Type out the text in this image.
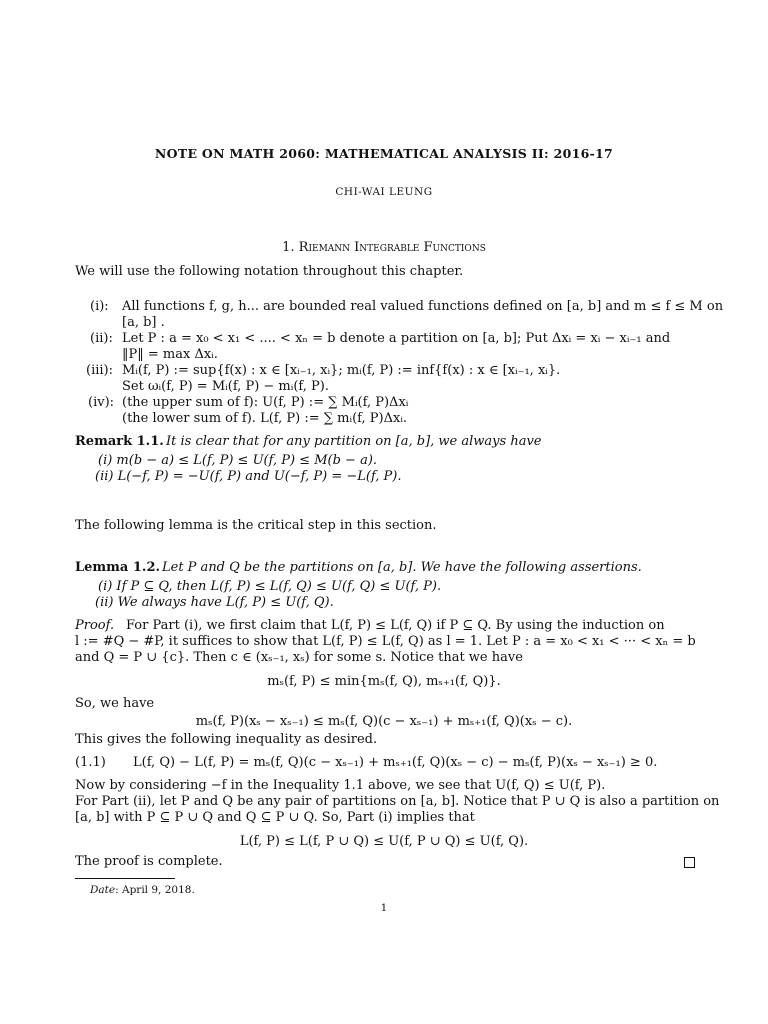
NOTE ON MATH 2060: MATHEMATICAL ANALYSIS II: 2016-17
CHI-WAI LEUNG
1. Riemann Integrable Functions
We will use the following notation throughout this chapter.
(i): All functions f, g, h... are bounded real valued functions defined on [a, b] and m ≤ f ≤ M on
[a, b] .
(ii): Let P : a = x₀ < x₁ < .... < xₙ = b denote a partition on [a, b]; Put Δxᵢ = xᵢ − xᵢ₋₁ and
‖P‖ = max Δxᵢ.
(iii): Mᵢ(f, P) := sup{f(x) : x ∈ [xᵢ₋₁, xᵢ}; mᵢ(f, P) := inf{f(x) : x ∈ [xᵢ₋₁, xᵢ}.
Set ωᵢ(f, P) = Mᵢ(f, P) − mᵢ(f, P).
(iv): (the upper sum of f): U(f, P) := ∑ Mᵢ(f, P)Δxᵢ
(the lower sum of f). L(f, P) := ∑ mᵢ(f, P)Δxᵢ.
Remark 1.1. It is clear that for any partition on [a, b], we always have
(i) m(b − a) ≤ L(f, P) ≤ U(f, P) ≤ M(b − a).
(ii) L(−f, P) = −U(f, P) and U(−f, P) = −L(f, P).
The following lemma is the critical step in this section.
Lemma 1.2. Let P and Q be the partitions on [a, b]. We have the following assertions.
(i) If P ⊆ Q, then L(f, P) ≤ L(f, Q) ≤ U(f, Q) ≤ U(f, P).
(ii) We always have L(f, P) ≤ U(f, Q).
Proof. For Part (i), we first claim that L(f, P) ≤ L(f, Q) if P ⊆ Q. By using the induction on
l := #Q − #P, it suffices to show that L(f, P) ≤ L(f, Q) as l = 1. Let P : a = x₀ < x₁ < ··· < xₙ = b
and Q = P ∪ {c}. Then c ∈ (xₛ₋₁, xₛ) for some s. Notice that we have
mₛ(f, P) ≤ min{mₛ(f, Q), mₛ₊₁(f, Q)}.
So, we have
mₛ(f, P)(xₛ − xₛ₋₁) ≤ mₛ(f, Q)(c − xₛ₋₁) + mₛ₊₁(f, Q)(xₛ − c).
This gives the following inequality as desired.
(1.1) L(f, Q) − L(f, P) = mₛ(f, Q)(c − xₛ₋₁) + mₛ₊₁(f, Q)(xₛ − c) − mₛ(f, P)(xₛ − xₛ₋₁) ≥ 0.
Now by considering −f in the Inequality 1.1 above, we see that U(f, Q) ≤ U(f, P).
For Part (ii), let P and Q be any pair of partitions on [a, b]. Notice that P ∪ Q is also a partition on
[a, b] with P ⊆ P ∪ Q and Q ⊆ P ∪ Q. So, Part (i) implies that
L(f, P) ≤ L(f, P ∪ Q) ≤ U(f, P ∪ Q) ≤ U(f, Q).
The proof is complete.
Date: April 9, 2018.
1
